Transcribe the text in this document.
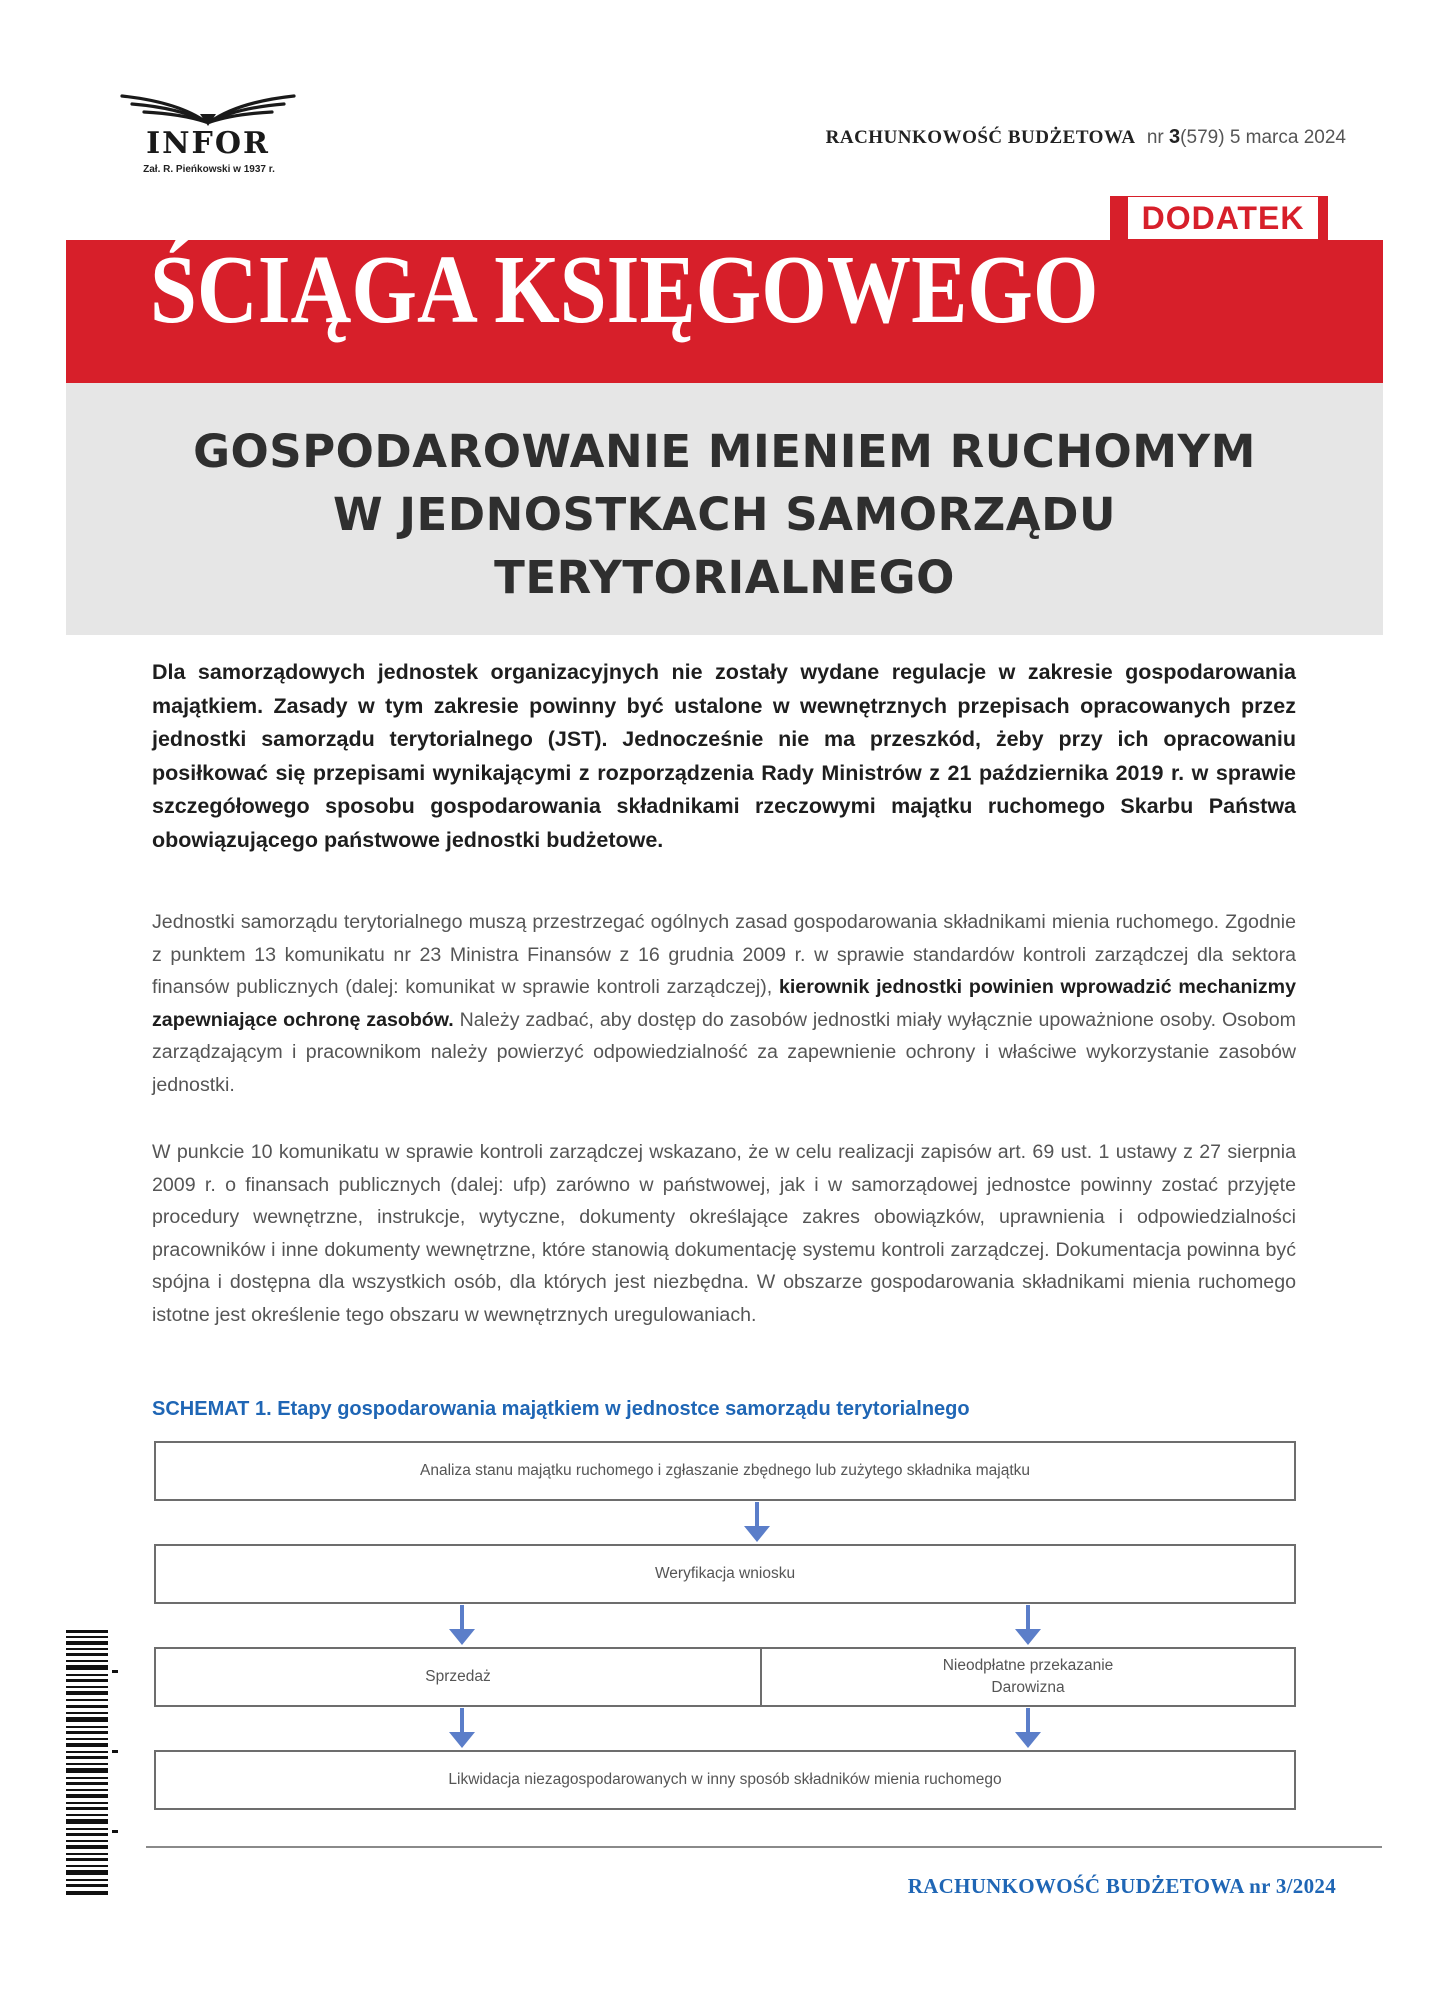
INFOR
Zał. R. Pieńkowski w 1937 r.
RACHUNKOWOŚĆ BUDŻETOWA nr 3(579) 5 marca 2024
DODATEK
ŚCIĄGA KSIĘGOWEGO
GOSPODAROWANIE MIENIEM RUCHOMYM
W JEDNOSTKACH SAMORZĄDU
TERYTORIALNEGO
Dla samorządowych jednostek organizacyjnych nie zostały wydane regulacje w zakresie gospodarowania majątkiem. Zasady w tym zakresie powinny być ustalone w wewnętrznych przepisach opracowanych przez jednostki samorządu terytorialnego (JST). Jednocześnie nie ma przeszkód, żeby przy ich opracowaniu posiłkować się przepisami wynikającymi z rozporządzenia Rady Ministrów z 21 października 2019 r. w sprawie szczegółowego sposobu gospodarowania składnikami rzeczowymi majątku ruchomego Skarbu Państwa obowiązującego państwowe jednostki budżetowe.
Jednostki samorządu terytorialnego muszą przestrzegać ogólnych zasad gospodarowania składnikami mienia ruchomego. Zgodnie z punktem 13 komunikatu nr 23 Ministra Finansów z 16 grudnia 2009 r. w sprawie standardów kontroli zarządczej dla sektora finansów publicznych (dalej: komunikat w sprawie kontroli zarządczej), kierownik jednostki powinien wprowadzić mechanizmy zapewniające ochronę zasobów. Należy zadbać, aby dostęp do zasobów jednostki miały wyłącznie upoważnione osoby. Osobom zarządzającym i pracownikom należy powierzyć odpowiedzialność za zapewnienie ochrony i właściwe wykorzystanie zasobów jednostki.
W punkcie 10 komunikatu w sprawie kontroli zarządczej wskazano, że w celu realizacji zapisów art. 69 ust. 1 ustawy z 27 sierpnia 2009 r. o finansach publicznych (dalej: ufp) zarówno w państwowej, jak i w samorządowej jednostce powinny zostać przyjęte procedury wewnętrzne, instrukcje, wytyczne, dokumenty określające zakres obowiązków, uprawnienia i odpowiedzialności pracowników i inne dokumenty wewnętrzne, które stanowią dokumentację systemu kontroli zarządczej. Dokumentacja powinna być spójna i dostępna dla wszystkich osób, dla których jest niezbędna. W obszarze gospodarowania składnikami mienia ruchomego istotne jest określenie tego obszaru w wewnętrznych uregulowaniach.
SCHEMAT 1. Etapy gospodarowania majątkiem w jednostce samorządu terytorialnego
Analiza stanu majątku ruchomego i zgłaszanie zbędnego lub zużytego składnika majątku
Weryfikacja wniosku
Sprzedaż
Nieodpłatne przekazanie
Darowizna
Likwidacja niezagospodarowanych w inny sposób składników mienia ruchomego
RACHUNKOWOŚĆ BUDŻETOWA nr 3/2024
